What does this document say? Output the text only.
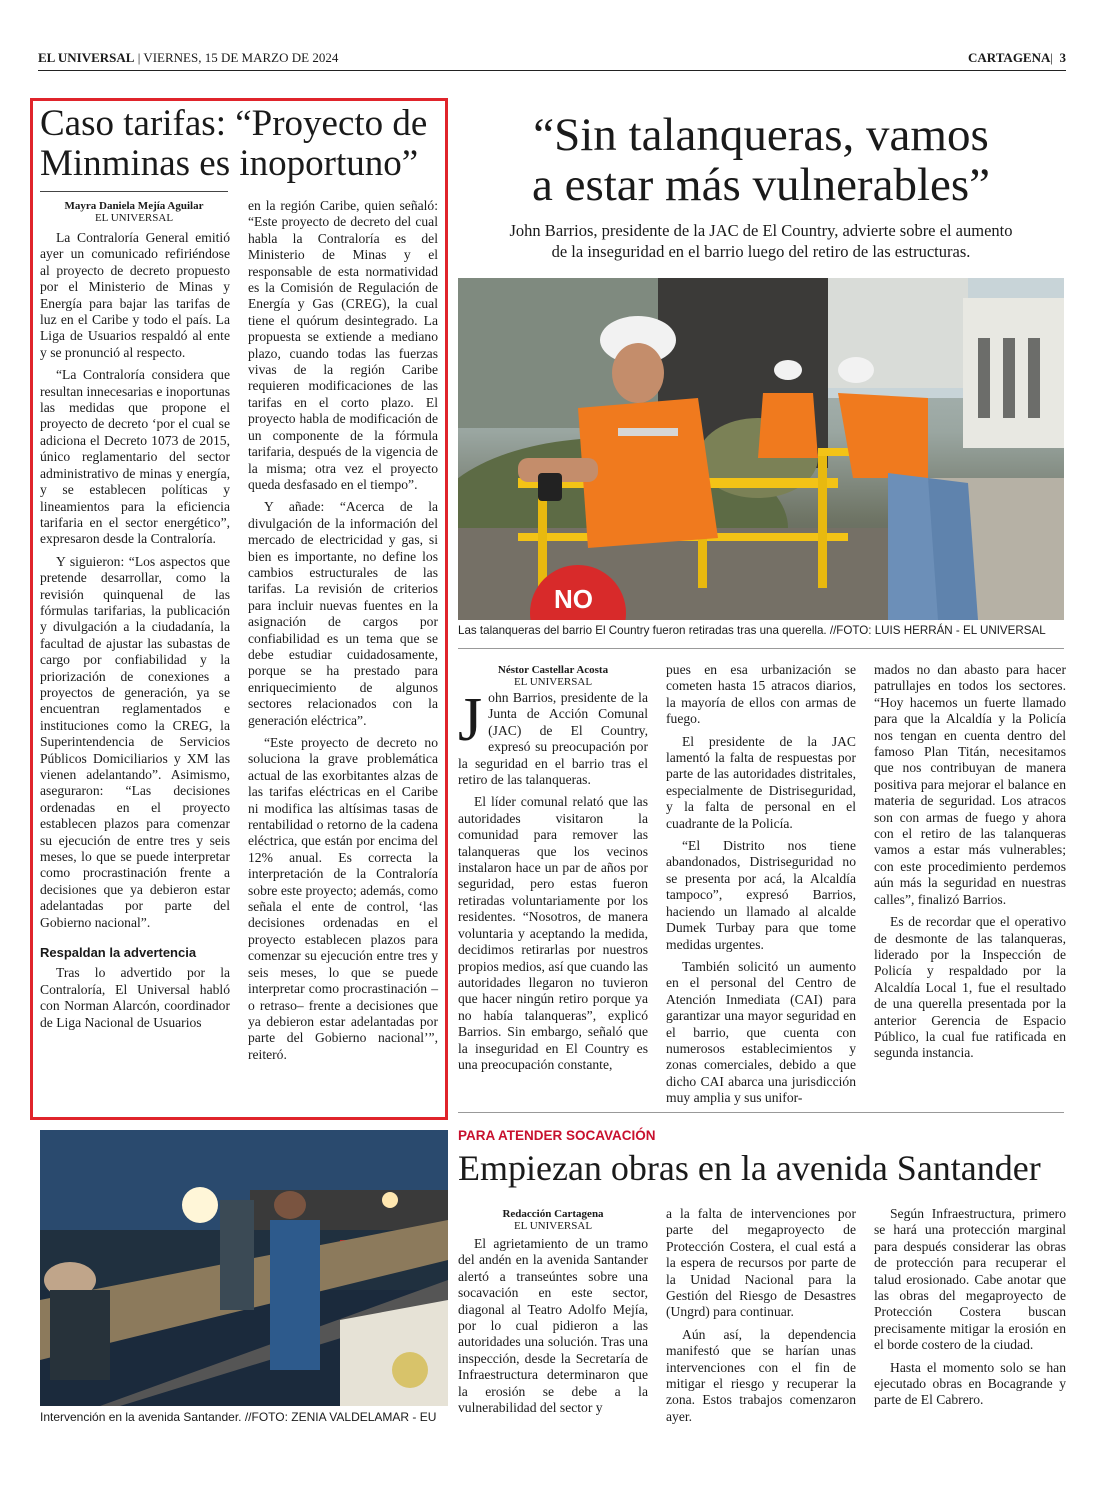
EL UNIVERSAL | VIERNES, 15 DE MARZO DE 2024	CARTAGENA|  3
Caso tarifas: “Proyecto de
Minminas es inoportuno”
Mayra Daniela Mejía Aguilar
EL UNIVERSAL

La Contraloría General emitió ayer un comunicado refiriéndose al proyecto de decreto propuesto por el Ministerio de Minas y Energía para bajar las tarifas de luz en el Caribe y todo el país. La Liga de Usuarios respaldó al ente y se pronunció al respecto.

“La Contraloría considera que resultan innecesarias e inoportunas las medidas que propone el proyecto de decreto ‘por el cual se adiciona el Decreto 1073 de 2015, único reglamentario del sector administrativo de minas y energía, y se establecen políticas y lineamientos para la eficiencia tarifaria en el sector energético”, expresaron desde la Contraloría.

Y siguieron: “Los aspectos que pretende desarrollar, como la revisión quinquenal de las fórmulas tarifarias, la publicación y divulgación a la ciudadanía, la facultad de ajustar las subastas de cargo por confiabilidad y la priorización de conexiones a proyectos de generación, ya se encuentran reglamentados e instituciones como la CREG, la Superintendencia de Servicios Públicos Domiciliarios y XM las vienen adelantando”. Asimismo, aseguraron: “Las decisiones ordenadas en el proyecto establecen plazos para comenzar su ejecución de entre tres y seis meses, lo que se puede interpretar como procrastinación frente a decisiones que ya debieron estar adelantadas por parte del Gobierno nacional”.

Respaldan la advertencia

Tras lo advertido por la Contraloría, El Universal habló con Norman Alarcón, coordinador de Liga Nacional de Usuarios

en la región Caribe, quien señaló: “Este proyecto de decreto del cual habla la Contraloría es del Ministerio de Minas y el responsable de esta normatividad es la Comisión de Regulación de Energía y Gas (CREG), la cual tiene el quórum desintegrado. La propuesta se extiende a mediano plazo, cuando todas las fuerzas vivas de la región Caribe requieren modificaciones de las tarifas en el corto plazo. El proyecto habla de modificación de un componente de la fórmula tarifaria, después de la vigencia de la misma; otra vez el proyecto queda desfasado en el tiempo”.

Y añade: “Acerca de la divulgación de la información del mercado de electricidad y gas, si bien es importante, no define los cambios estructurales de las tarifas. La revisión de criterios para incluir nuevas fuentes en la asignación de cargos por confiabilidad es un tema que se debe estudiar cuidadosamente, porque se ha prestado para enriquecimiento de algunos sectores relacionados con la generación eléctrica”.

“Este proyecto de decreto no soluciona la grave problemática actual de las exorbitantes alzas de las tarifas eléctricas en el Caribe ni modifica las altísimas tasas de rentabilidad o retorno de la cadena eléctrica, que están por encima del 12% anual. Es correcta la interpretación de la Contraloría sobre este proyecto; además, como señala el ente de control, ‘las decisiones ordenadas en el proyecto establecen plazos para comenzar su ejecución entre tres y seis meses, lo que se puede interpretar como procrastinación –o retraso– frente a decisiones que ya debieron estar adelantadas por parte del Gobierno nacional’”, reiteró.

“Sin talanqueras, vamos
a estar más vulnerables”
John Barrios, presidente de la JAC de El Country, advierte sobre el aumento
de la inseguridad en el barrio luego del retiro de las estructuras.
NO
Las talanqueras del barrio El Country fueron retiradas tras una querella. //FOTO: LUIS HERRÁN - EL UNIVERSAL
Néstor Castellar Acosta
EL UNIVERSAL

John Barrios, presidente de la Junta de Acción Comunal (JAC) de El Country, expresó su preocupación por la seguridad en el barrio tras el retiro de las talanqueras.

El líder comunal relató que las autoridades visitaron la comunidad para remover las talanqueras que los vecinos instalaron hace un par de años por seguridad, pero estas fueron retiradas voluntariamente por los residentes. “Nosotros, de manera voluntaria y aceptando la medida, decidimos retirarlas por nuestros propios medios, así que cuando las autoridades llegaron no tuvieron que hacer ningún retiro porque ya no había talanqueras”, explicó Barrios. Sin embargo, señaló que la inseguridad en El Country es una preocupación constante,

pues en esa urbanización se cometen hasta 15 atracos diarios, la mayoría de ellos con armas de fuego.

El presidente de la JAC lamentó la falta de respuestas por parte de las autoridades distritales, especialmente de Distriseguridad, y la falta de personal en el cuadrante de la Policía.

“El Distrito nos tiene abandonados, Distriseguridad no se presenta por acá, la Alcaldía tampoco”, expresó Barrios, haciendo un llamado al alcalde Dumek Turbay para que tome medidas urgentes.

También solicitó un aumento en el personal del Centro de Atención Inmediata (CAI) para garantizar una mayor seguridad en el barrio, que cuenta con numerosos establecimientos y zonas comerciales, debido a que dicho CAI abarca una jurisdicción muy amplia y sus unifor-

mados no dan abasto para hacer patrullajes en todos los sectores. “Hoy hacemos un fuerte llamado para que la Alcaldía y la Policía nos tengan en cuenta dentro del famoso Plan Titán, necesitamos que nos contribuyan de manera positiva para mejorar el balance en materia de seguridad. Los atracos son con armas de fuego y ahora con el retiro de las talanqueras vamos a estar más vulnerables; con este procedimiento perdemos aún más la seguridad en nuestras calles”, finalizó Barrios.

Es de recordar que el operativo de desmonte de las talanqueras, liderado por la Inspección de Policía y respaldado por la Alcaldía Local 1, fue el resultado de una querella presentada por la anterior Gerencia de Espacio Público, la cual fue ratificada en segunda instancia.

Intervención en la avenida Santander. //FOTO: ZENIA VALDELAMAR - EU
PARA ATENDER SOCAVACIÓN
Empiezan obras en la avenida Santander
Redacción Cartagena
EL UNIVERSAL

El agrietamiento de un tramo del andén en la avenida Santander alertó a transeúntes sobre una socavación en este sector, diagonal al Teatro Adolfo Mejía, por lo cual pidieron a las autoridades una solución. Tras una inspección, desde la Secretaría de Infraestructura determinaron que la erosión se debe a la vulnerabilidad del sector y

a la falta de intervenciones por parte del megaproyecto de Protección Costera, el cual está a la espera de recursos por parte de la Unidad Nacional para la Gestión del Riesgo de Desastres (Ungrd) para continuar.

Aún así, la dependencia manifestó que se harían unas intervenciones con el fin de mitigar el riesgo y recuperar la zona. Estos trabajos comenzaron ayer.

Según Infraestructura, primero se hará una protección marginal para después considerar las obras de protección para recuperar el talud erosionado. Cabe anotar que las obras del megaproyecto de Protección Costera buscan precisamente mitigar la erosión en el borde costero de la ciudad.

Hasta el momento solo se han ejecutado obras en Bocagrande y parte de El Cabrero.
